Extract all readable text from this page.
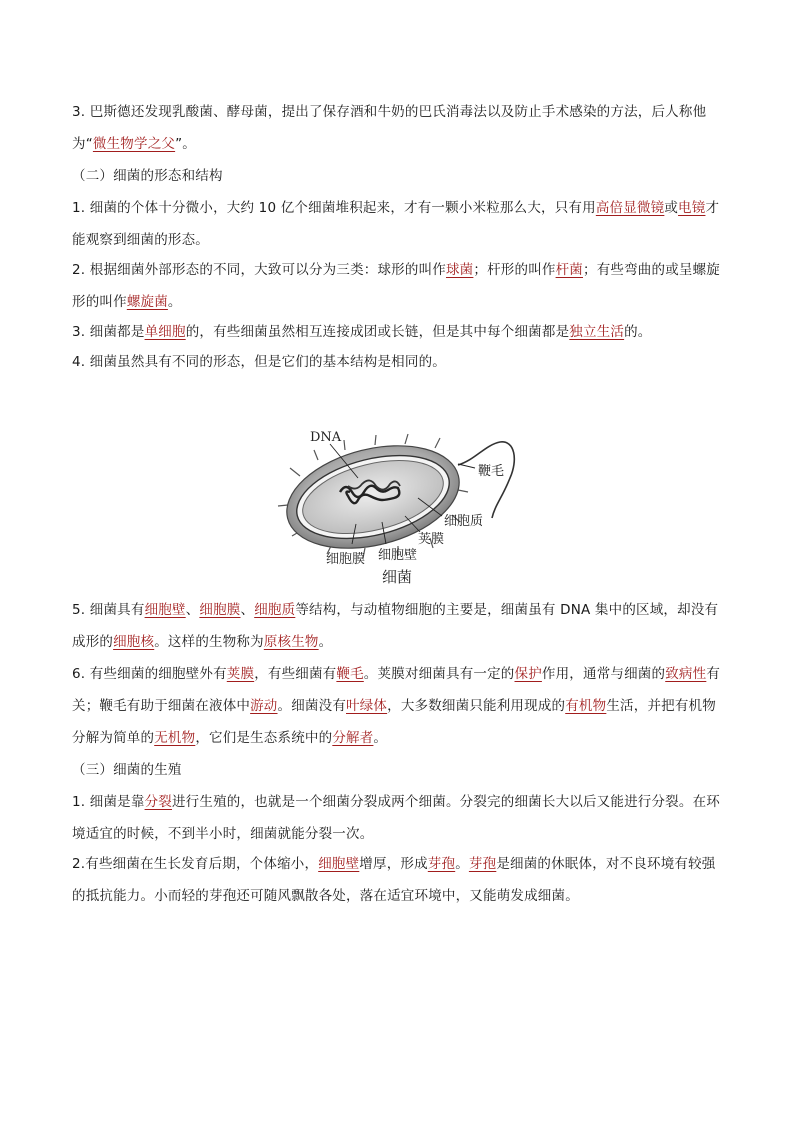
3. 巴斯德还发现乳酸菌、酵母菌，提出了保存酒和牛奶的巴氏消毒法以及防止手术感染的方法，后人称他为“微生物学之父”。
（二）细菌的形态和结构
1. 细菌的个体十分微小，大约 10 亿个细菌堆积起来，才有一颗小米粒那么大，只有用高倍显微镜或电镜才能观察到细菌的形态。
2. 根据细菌外部形态的不同，大致可以分为三类：球形的叫作球菌；杆形的叫作杆菌；有些弯曲的或呈螺旋形的叫作螺旋菌。
3. 细菌都是单细胞的，有些细菌虽然相互连接成团或长链，但是其中每个细菌都是独立生活的。
4. 细菌虽然具有不同的形态，但是它们的基本结构是相同的。
DNA
鞭毛
细胞质
荚膜
细胞壁
细胞膜
细菌
5. 细菌具有细胞壁、细胞膜、细胞质等结构，与动植物细胞的主要是，细菌虽有 DNA 集中的区域，却没有成形的细胞核。这样的生物称为原核生物。
6. 有些细菌的细胞壁外有荚膜，有些细菌有鞭毛。荚膜对细菌具有一定的保护作用，通常与细菌的致病性有关；鞭毛有助于细菌在液体中游动。细菌没有叶绿体，大多数细菌只能利用现成的有机物生活，并把有机物分解为简单的无机物，它们是生态系统中的分解者。
（三）细菌的生殖
1. 细菌是靠分裂进行生殖的，也就是一个细菌分裂成两个细菌。分裂完的细菌长大以后又能进行分裂。在环境适宜的时候，不到半小时，细菌就能分裂一次。
2.有些细菌在生长发育后期，个体缩小，细胞壁增厚，形成芽孢。芽孢是细菌的休眠体，对不良环境有较强的抵抗能力。小而轻的芽孢还可随风飘散各处，落在适宜环境中，又能萌发成细菌。
